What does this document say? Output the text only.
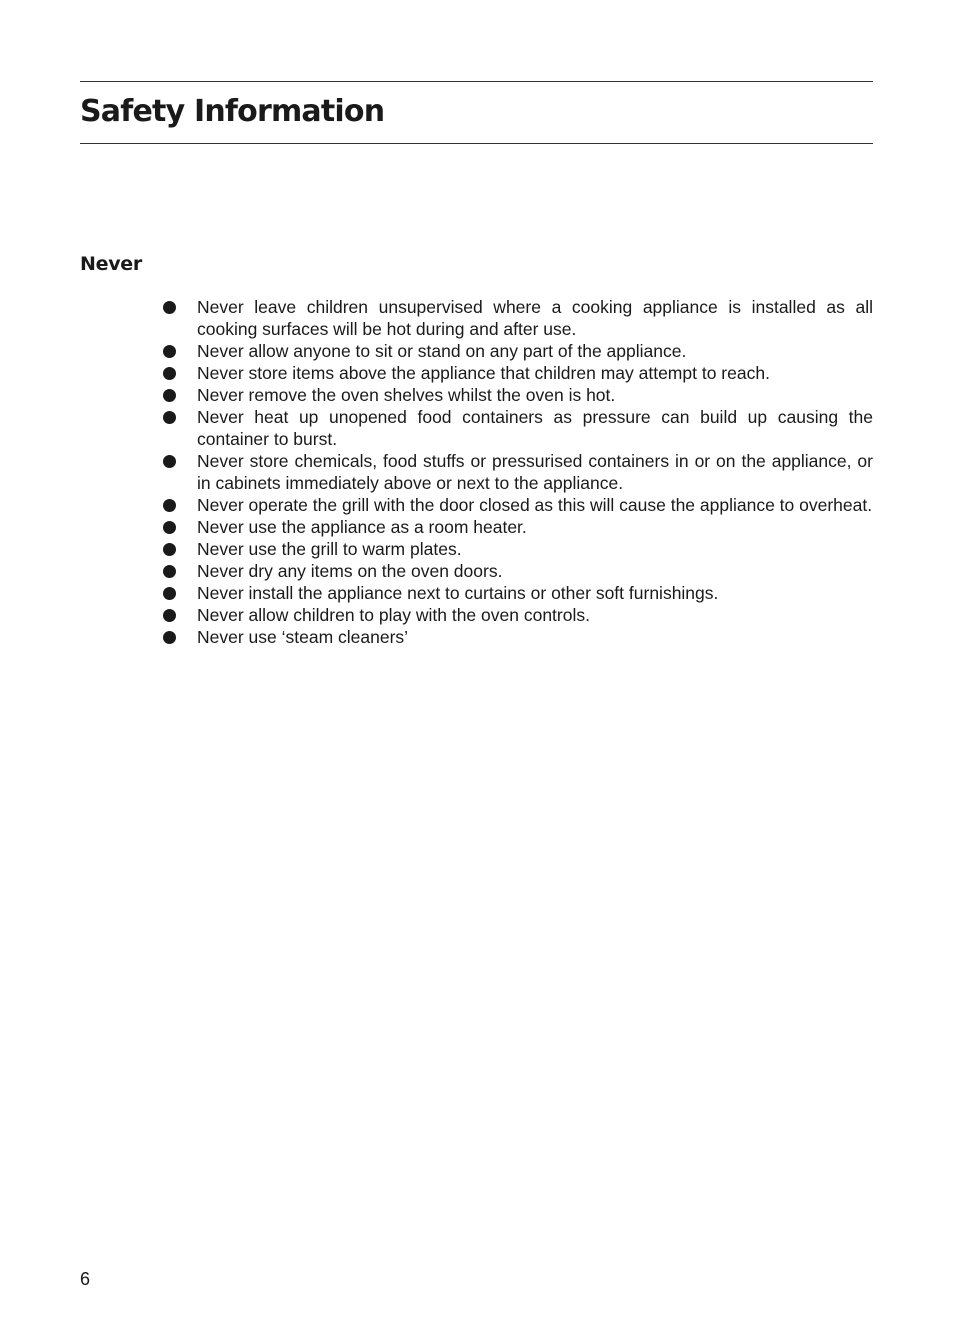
Safety Information
Never
Never leave children unsupervised where a cooking appliance is installed as all cooking surfaces will be hot during and after use.
Never allow anyone to sit or stand on any part of the appliance.
Never store items above the appliance that children may attempt to reach.
Never remove the oven shelves whilst the oven is hot.
Never heat up unopened food containers as pressure can build up causing the container to burst.
Never store chemicals, food stuffs or pressurised containers in or on the appliance, or in cabinets immediately above or next to the appliance.
Never operate the grill with the door closed as this will cause the appliance to overheat.
Never use the appliance as a room heater.
Never use the grill to warm plates.
Never dry any items on the oven doors.
Never install the appliance next to curtains or other soft furnishings.
Never allow children to play with the oven controls.
Never use ‘steam cleaners’
6
